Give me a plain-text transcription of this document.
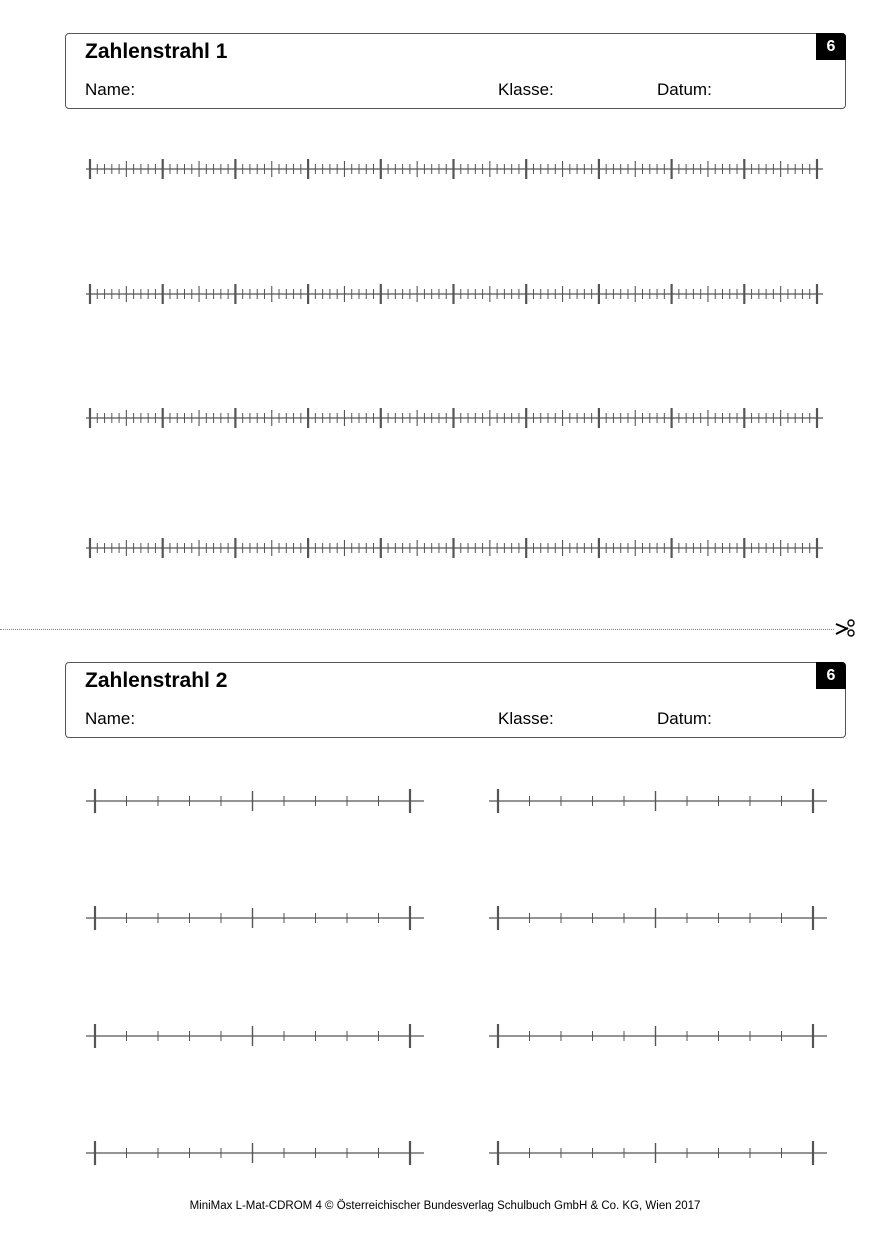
Zahlenstrahl 1
Name:	Klasse:	Datum:
6
Zahlenstrahl 2
Name:	Klasse:	Datum:
6
MiniMax L-Mat-CDROM 4 © Österreichischer Bundesverlag Schulbuch GmbH & Co. KG, Wien 2017
